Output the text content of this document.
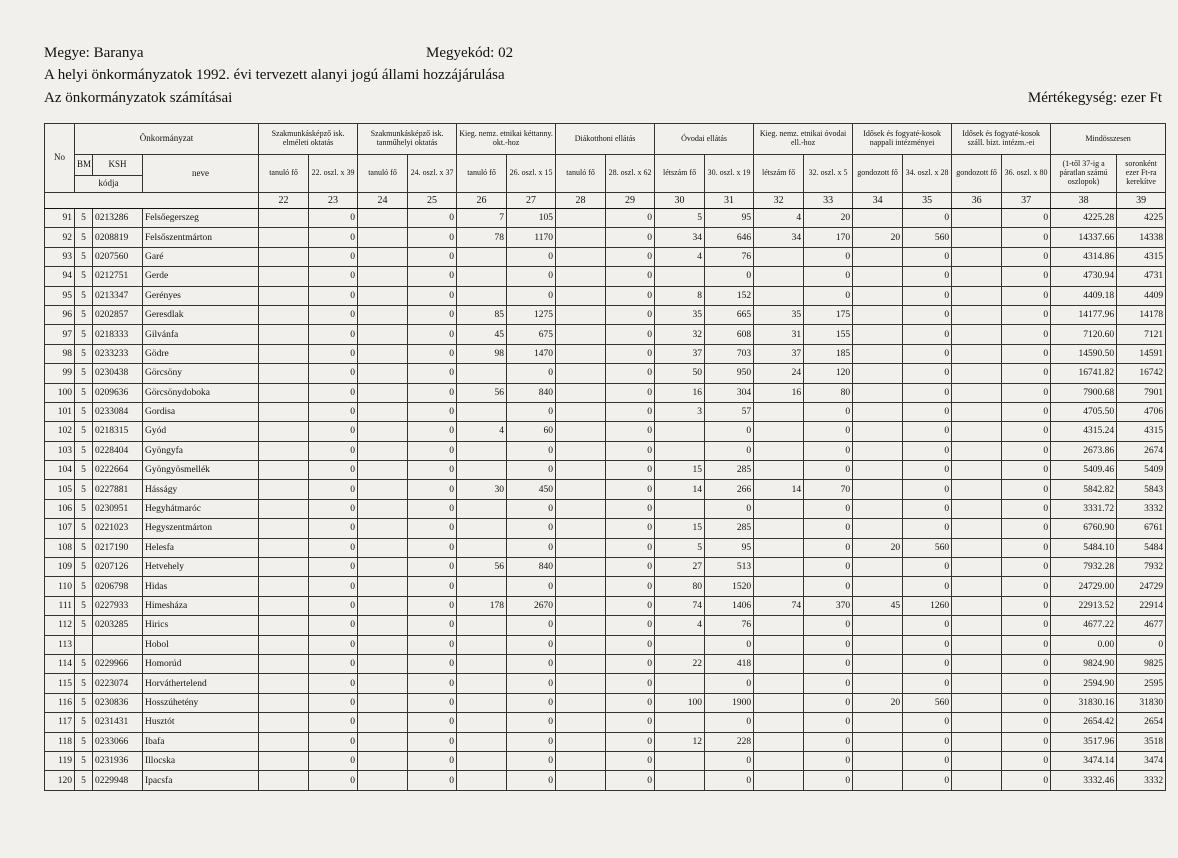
Megye: Baranya	Megyekód: 02
A helyi önkormányzatok 1992. évi tervezett alanyi jogú állami hozzájárulása
Az önkormányzatok számításai	Mértékegység: ezer Ft
No	Önkormányzat			Szakmunkásképző isk. elméleti oktatás		Szakmunkásképző isk. tanműhelyi oktatás		Kieg. nemz. etnikai kéttanny. okt.-hoz		Diákotthoni ellátás		Óvodai ellátás		Kieg. nemz. etnikai óvodai ell.-hoz		Idősek és fogyaté-kosok nappali intézményei		Idősek és fogyaté-kosok száll. bizt. intézm.-ei		Mindösszesen	
	BM	KSH	neve	tanuló fő	22. oszl. x 39	tanuló fő	24. oszl. x 37	tanuló fő	26. oszl. x 15	tanuló fő	28. oszl. x 62	létszám fő	30. oszl. x 19	létszám fő	32. oszl. x 5	gondozott fő	34. oszl. x 28	gondozott fő	36. oszl. x 80	(1-től 37-ig a páratlan számú oszlopok)	soronként ezer Ft-ra kerekítve
	kódja																				
				22	23	24	25	26	27	28	29	30	31	32	33	34	35	36	37	38	39
91	5	0213286	Felsőegerszeg		0		0	7	105		0	5	95	4	20		0		0	4225.28	4225
92	5	0208819	Felsőszentmárton		0		0	78	1170		0	34	646	34	170	20	560		0	14337.66	14338
93	5	0207560	Garé		0		0		0		0	4	76		0		0		0	4314.86	4315
94	5	0212751	Gerde		0		0		0		0		0		0		0		0	4730.94	4731
95	5	0213347	Gerényes		0		0		0		0	8	152		0		0		0	4409.18	4409
96	5	0202857	Geresdlak		0		0	85	1275		0	35	665	35	175		0		0	14177.96	14178
97	5	0218333	Gilvánfa		0		0	45	675		0	32	608	31	155		0		0	7120.60	7121
98	5	0233233	Gödre		0		0	98	1470		0	37	703	37	185		0		0	14590.50	14591
99	5	0230438	Görcsöny		0		0		0		0	50	950	24	120		0		0	16741.82	16742
100	5	0209636	Görcsönydoboka		0		0	56	840		0	16	304	16	80		0		0	7900.68	7901
101	5	0233084	Gordisa		0		0		0		0	3	57		0		0		0	4705.50	4706
102	5	0218315	Gyód		0		0	4	60		0		0		0		0		0	4315.24	4315
103	5	0228404	Gyöngyfa		0		0		0		0		0		0		0		0	2673.86	2674
104	5	0222664	Gyöngyösmellék		0		0		0		0	15	285		0		0		0	5409.46	5409
105	5	0227881	Hásságy		0		0	30	450		0	14	266	14	70		0		0	5842.82	5843
106	5	0230951	Hegyhátmaróc		0		0		0		0		0		0		0		0	3331.72	3332
107	5	0221023	Hegyszentmárton		0		0		0		0	15	285		0		0		0	6760.90	6761
108	5	0217190	Helesfa		0		0		0		0	5	95		0	20	560		0	5484.10	5484
109	5	0207126	Hetvehely		0		0	56	840		0	27	513		0		0		0	7932.28	7932
110	5	0206798	Hidas		0		0		0		0	80	1520		0		0		0	24729.00	24729
111	5	0227933	Himesháza		0		0	178	2670		0	74	1406	74	370	45	1260		0	22913.52	22914
112	5	0203285	Hirics		0		0		0		0	4	76		0		0		0	4677.22	4677
113			Hobol		0		0		0		0		0		0		0		0	0.00	0
114	5	0229966	Homorúd		0		0		0		0	22	418		0		0		0	9824.90	9825
115	5	0223074	Horváthertelend		0		0		0		0		0		0		0		0	2594.90	2595
116	5	0230836	Hosszúhetény		0		0		0		0	100	1900		0	20	560		0	31830.16	31830
117	5	0231431	Husztót		0		0		0		0		0		0		0		0	2654.42	2654
118	5	0233066	Ibafa		0		0		0		0	12	228		0		0		0	3517.96	3518
119	5	0231936	Illocska		0		0		0		0		0		0		0		0	3474.14	3474
120	5	0229948	Ipacsfa		0		0		0		0		0		0		0		0	3332.46	3332
